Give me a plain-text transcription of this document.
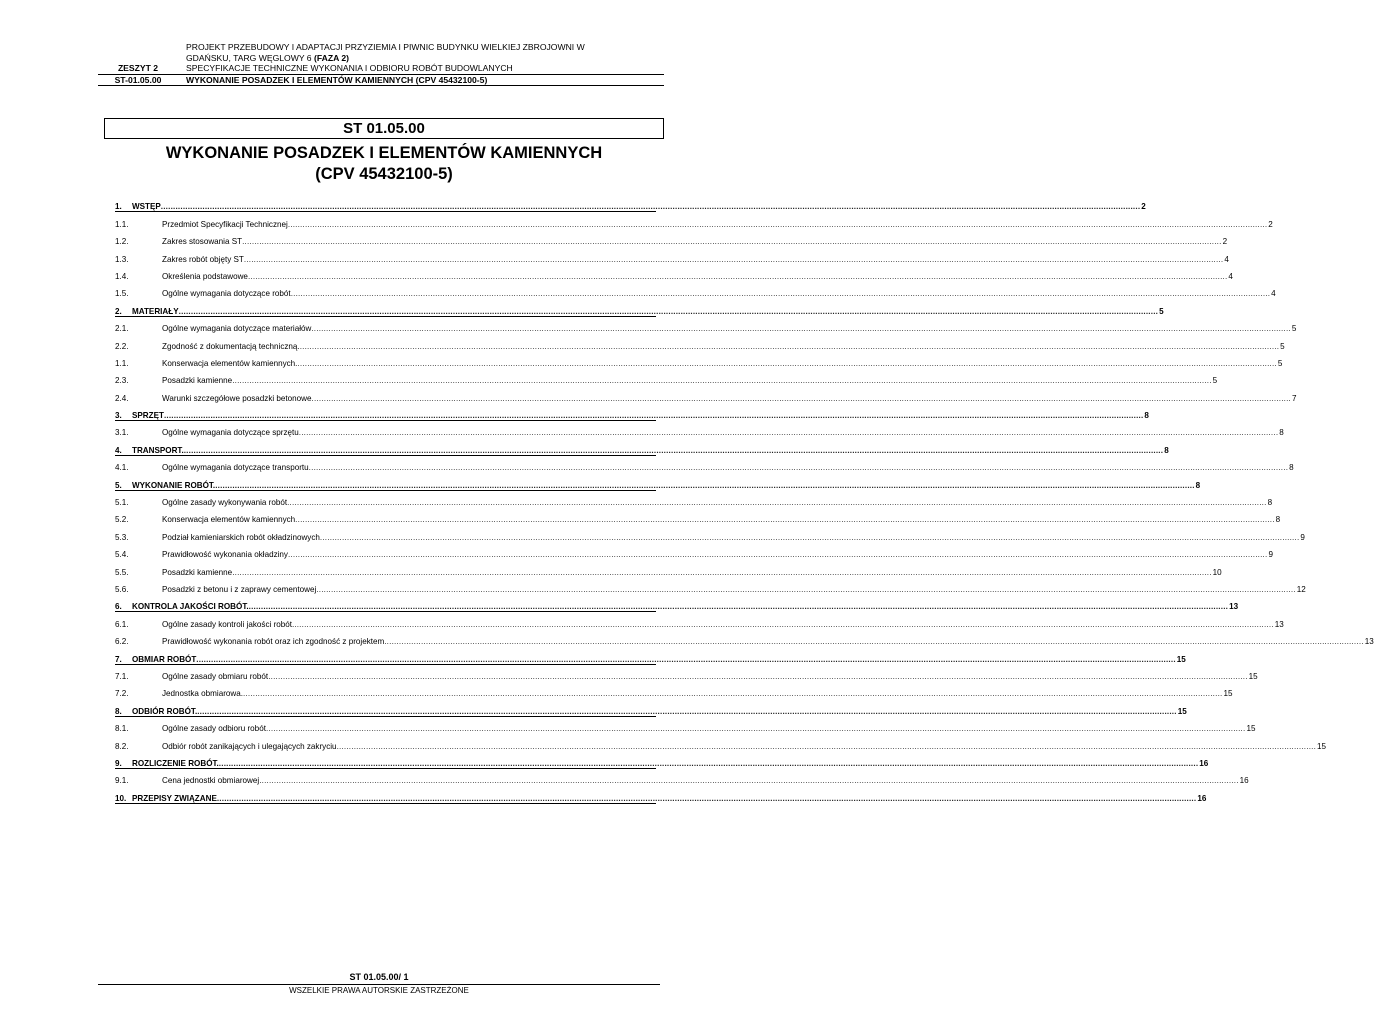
PROJEKT PRZEBUDOWY I ADAPTACJI PRZYZIEMIA I PIWNIC BUDYNKU WIELKIEJ ZBROJOWNI W
GDAŃSKU, TARG WĘGLOWY 6 (FAZA 2)
ZESZYT 2	SPECYFIKACJE TECHNICZNE WYKONANIA I ODBIORU ROBÓT BUDOWLANYCH
ST-01.05.00	WYKONANIE POSADZEK I ELEMENTÓW KAMIENNYCH (CPV 45432100-5)
ST 01.05.00
WYKONANIE POSADZEK I ELEMENTÓW KAMIENNYCH
(CPV 45432100-5)
1.	WSTĘP ................................................................................................................................................................................................................................................................................................................................................................................................................ 2
1.1.	Przedmiot Specyfikacji Technicznej ................................................................................................................................................................................................................................................................................................................................................................................................................ 2
1.2.	Zakres stosowania ST ................................................................................................................................................................................................................................................................................................................................................................................................................ 2
1.3.	Zakres robót objęty ST ................................................................................................................................................................................................................................................................................................................................................................................................................ 4
1.4.	Określenia podstawowe ................................................................................................................................................................................................................................................................................................................................................................................................................ 4
1.5.	Ogólne wymagania dotyczące robót ................................................................................................................................................................................................................................................................................................................................................................................................................ 4
2.	MATERIAŁY ................................................................................................................................................................................................................................................................................................................................................................................................................ 5
2.1.	Ogólne wymagania dotyczące materiałów ................................................................................................................................................................................................................................................................................................................................................................................................................ 5
2.2.	Zgodność z dokumentacją techniczną. ................................................................................................................................................................................................................................................................................................................................................................................................................ 5
1.1.	Konserwacja elementów kamiennych. ................................................................................................................................................................................................................................................................................................................................................................................................................ 5
2.3.	Posadzki kamienne ................................................................................................................................................................................................................................................................................................................................................................................................................ 5
2.4.	Warunki szczegółowe posadzki betonowe ................................................................................................................................................................................................................................................................................................................................................................................................................ 7
3.	SPRZĘT ................................................................................................................................................................................................................................................................................................................................................................................................................ 8
3.1.	Ogólne wymagania dotyczące sprzętu ................................................................................................................................................................................................................................................................................................................................................................................................................ 8
4.	TRANSPORT. ................................................................................................................................................................................................................................................................................................................................................................................................................ 8
4.1.	Ogólne wymagania dotyczące transportu ................................................................................................................................................................................................................................................................................................................................................................................................................ 8
5.	WYKONANIE ROBÓT. ................................................................................................................................................................................................................................................................................................................................................................................................................ 8
5.1.	Ogólne zasady wykonywania robót ................................................................................................................................................................................................................................................................................................................................................................................................................ 8
5.2.	Konserwacja elementów kamiennych ................................................................................................................................................................................................................................................................................................................................................................................................................ 8
5.3.	Podział kamieniarskich robót okładzinowych ................................................................................................................................................................................................................................................................................................................................................................................................................ 9
5.4.	Prawidłowość wykonania okładziny ................................................................................................................................................................................................................................................................................................................................................................................................................ 9
5.5.	Posadzki kamienne ................................................................................................................................................................................................................................................................................................................................................................................................................ 10
5.6.	Posadzki z betonu i z zaprawy cementowej ................................................................................................................................................................................................................................................................................................................................................................................................................ 12
6.	KONTROLA JAKOŚCI ROBÓT. ................................................................................................................................................................................................................................................................................................................................................................................................................ 13
6.1.	Ogólne zasady kontroli jakości robót. ................................................................................................................................................................................................................................................................................................................................................................................................................ 13
6.2.	Prawidłowość wykonania robót oraz ich zgodność z projektem ................................................................................................................................................................................................................................................................................................................................................................................................................ 13
7.	OBMIAR ROBÓT ................................................................................................................................................................................................................................................................................................................................................................................................................ 15
7.1.	Ogólne zasady obmiaru robót ................................................................................................................................................................................................................................................................................................................................................................................................................ 15
7.2.	Jednostka obmiarowa. ................................................................................................................................................................................................................................................................................................................................................................................................................ 15
8.	ODBIÓR ROBÓT. ................................................................................................................................................................................................................................................................................................................................................................................................................ 15
8.1.	Ogólne zasady odbioru robót ................................................................................................................................................................................................................................................................................................................................................................................................................ 15
8.2.	Odbiór robót zanikających i ulegających zakryciu ................................................................................................................................................................................................................................................................................................................................................................................................................ 15
9.	ROZLICZENIE ROBÓT. ................................................................................................................................................................................................................................................................................................................................................................................................................ 16
9.1.	Cena jednostki obmiarowej ................................................................................................................................................................................................................................................................................................................................................................................................................ 16
10. PRZEPISY ZWIĄZANE ................................................................................................................................................................................................................................................................................................................................................................................................................ 16
ST 01.05.00/ 1
WSZELKIE PRAWA AUTORSKIE ZASTRZEŻONE
